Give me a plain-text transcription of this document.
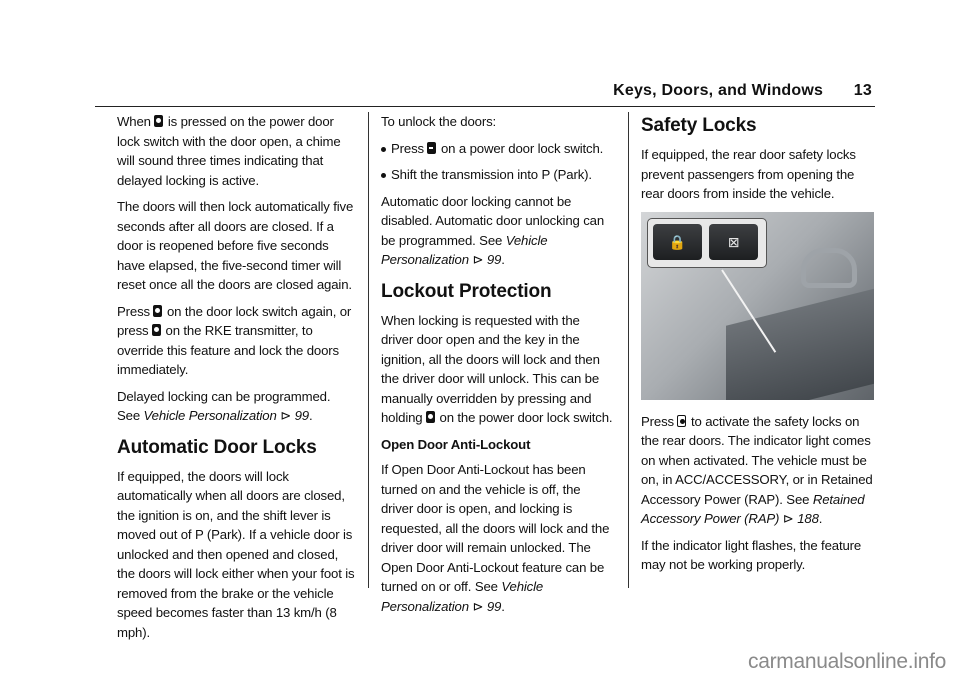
Keys, Doors, and Windows 13

When  is pressed on the power door lock switch with the door open, a chime will sound three times indicating that delayed locking is active.

The doors will then lock automatically five seconds after all doors are closed. If a door is reopened before five seconds have elapsed, the five-second timer will reset once all the doors are closed again.

Press  on the door lock switch again, or press  on the RKE transmitter, to override this feature and lock the doors immediately.

Delayed locking can be programmed. See Vehicle Personalization ⊳ 99.

Automatic Door Locks

If equipped, the doors will lock automatically when all doors are closed, the ignition is on, and the shift lever is moved out of P (Park). If a vehicle door is unlocked and then opened and closed, the doors will lock either when your foot is removed from the brake or the vehicle speed becomes faster than 13 km/h (8 mph).

To unlock the doors:

Press  on a power door lock switch.
Shift the transmission into P (Park).

Automatic door locking cannot be disabled. Automatic door unlocking can be programmed. See Vehicle Personalization ⊳ 99.

Lockout Protection

When locking is requested with the driver door open and the key in the ignition, all the doors will lock and then the driver door will unlock. This can be manually overridden by pressing and holding  on the power door lock switch.

Open Door Anti-Lockout

If Open Door Anti-Lockout has been turned on and the vehicle is off, the driver door is open, and locking is requested, all the doors will lock and the driver door will remain unlocked. The Open Door Anti-Lockout feature can be turned on or off. See Vehicle Personalization ⊳ 99.

Safety Locks

If equipped, the rear door safety locks prevent passengers from opening the rear doors from inside the vehicle.

🔒	⊠

Press  to activate the safety locks on the rear doors. The indicator light comes on when activated. The vehicle must be on, in ACC/ACCESSORY, or in Retained Accessory Power (RAP). See Retained Accessory Power (RAP) ⊳ 188.

If the indicator light flashes, the feature may not be working properly.

carmanualsonline.info
